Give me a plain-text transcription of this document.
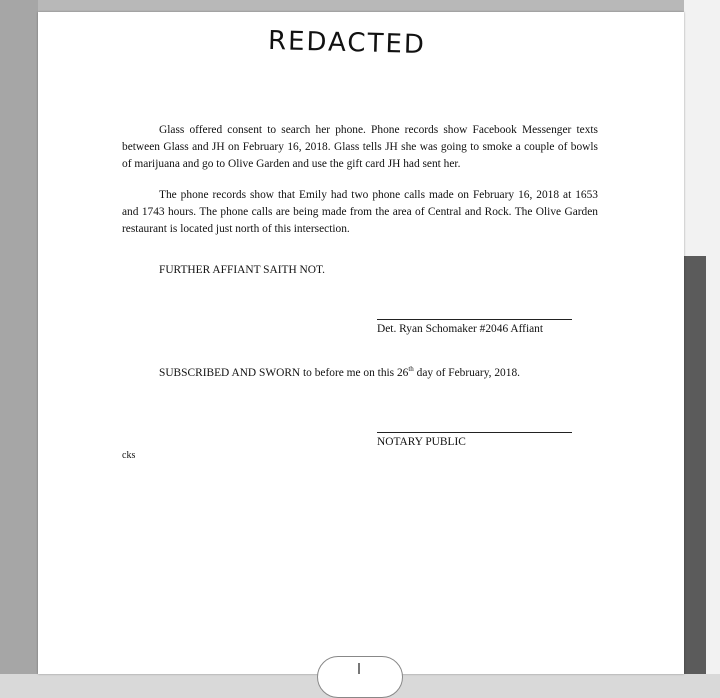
REDACTED

Glass offered consent to search her phone. Phone records show Facebook Messenger texts between Glass and JH on February 16, 2018. Glass tells JH she was going to smoke a couple of bowls of marijuana and go to Olive Garden and use the gift card JH had sent her.

The phone records show that Emily had two phone calls made on February 16, 2018 at 1653 and 1743 hours. The phone calls are being made from the area of Central and Rock. The Olive Garden restaurant is located just north of this intersection.

FURTHER AFFIANT SAITH NOT.
Det. Ryan Schomaker #2046 Affiant
SUBSCRIBED AND SWORN to before me on this 26th day of February, 2018.
NOTARY PUBLIC
cks
